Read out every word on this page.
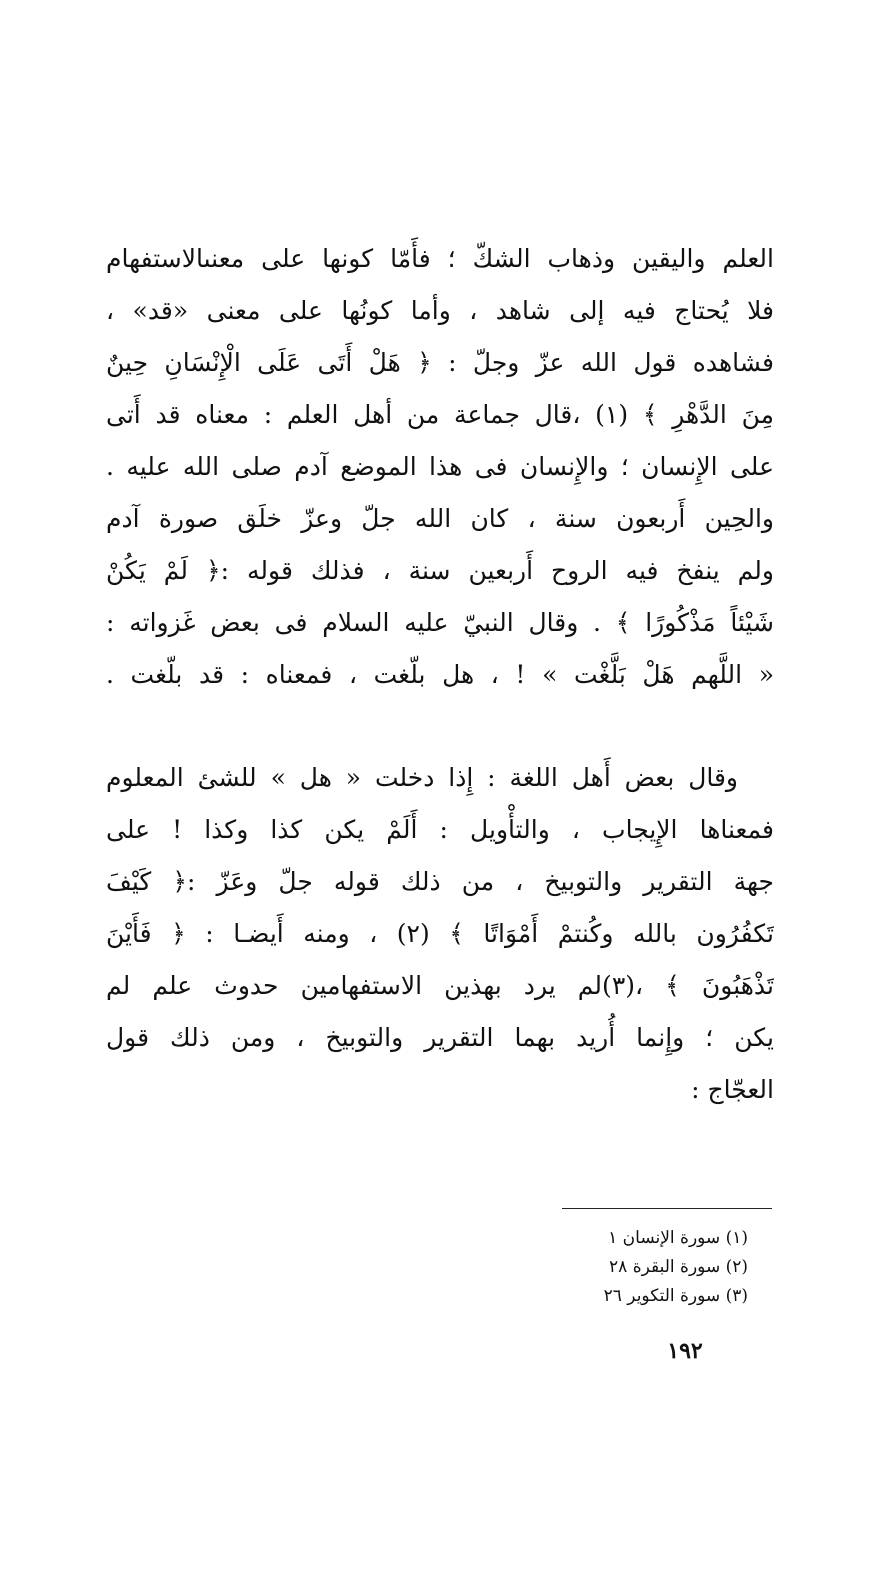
العلم واليقين وذهاب الشكّ ؛ فأَمّا كونها على معنىالاستفهام
فلا يُحتاج فيه إلى شاهد ، وأما كونُها على معنى «قد» ،
فشاهده قول الله عزّ وجلّ : ﴿ هَلْ أَتَى عَلَى الْإِنْسَانِ حِينٌ
مِنَ الدَّهْرِ ﴾ (١) ،قال جماعة من أهل العلم : معناه قد أَتى
على الإِنسان ؛ والإِنسان فى هذا الموضع آدم صلى الله عليه .
والحِين أَربعون سنة ، كان الله جلّ وعزّ خلَق صورة آدم
ولم ينفخ فيه الروح أَربعين سنة ، فذلك قوله :﴿ لَمْ يَكُنْ
شَيْئاً مَذْكُورًا ﴾ . وقال النبيّ عليه السلام فى بعض غَزواته :
« اللَّهم هَلْ بَلَّغْت » ! ، هل بلّغت ، فمعناه : قد بلّغت .
وقال بعض أَهل اللغة : إِذا دخلت « هل » للشئ المعلوم
فمعناها الإِيجاب ، والتأْويل : أَلَمْ يكن كذا وكذا ! على
جهة التقرير والتوبيخ ، من ذلك قوله جلّ وعَزّ :﴿ كَيْفَ
تَكفُرُون بالله وكُنتمْ أَمْوَاتًا ﴾ (٢) ، ومنه أَيضـا : ﴿ فَأَيْنَ
تَذْهَبُونَ ﴾ ،(٣)لم يرد بهذين الاستفهامين حدوث علم لم
يكن ؛ وإِنما أُريد بهما التقرير والتوبيخ ، ومن ذلك قول
العجّاج :
(١) سورة الإنسان ١
(٢) سورة البقرة ٢٨
(٣) سورة التكوير ٢٦
١٩٢
